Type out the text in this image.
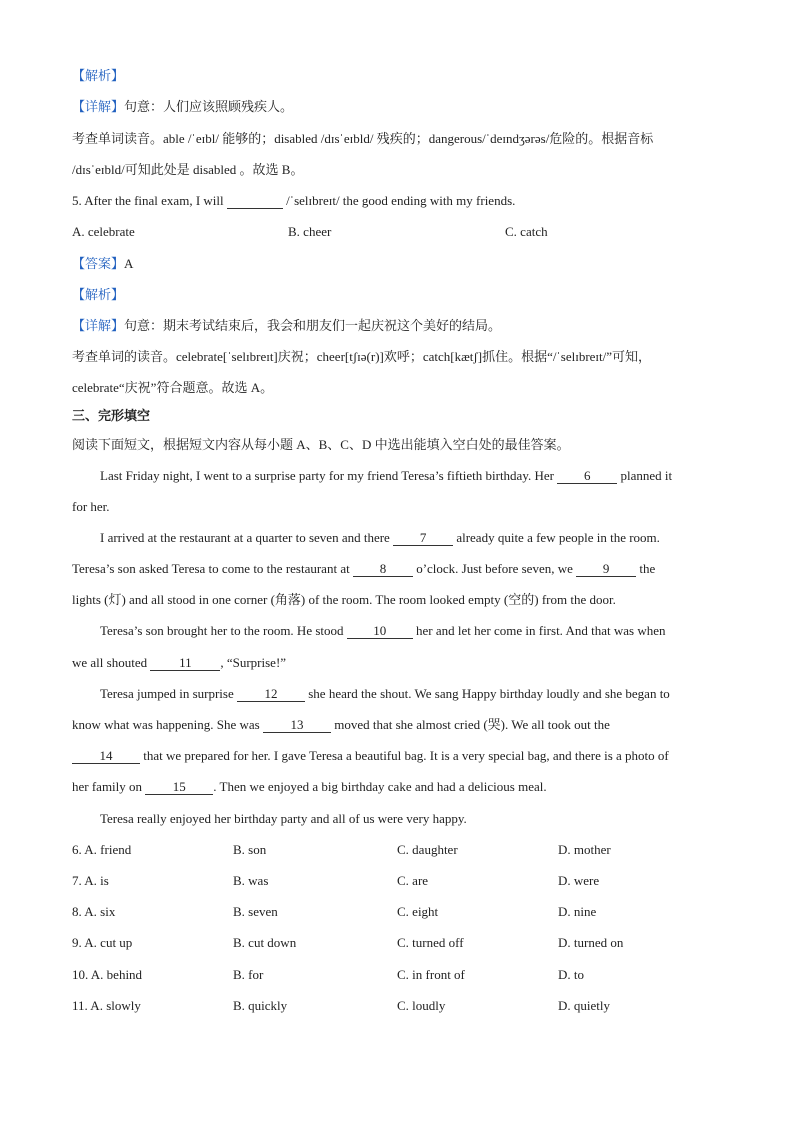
【解析】
【详解】句意：人们应该照顾残疾人。
考查单词读音。able /ˈeɪbl/ 能够的；disabled /dɪsˈeɪbld/ 残疾的；dangerous/ˈdeɪndʒərəs/危险的。根据音标
/dɪsˈeɪbld/可知此处是 disabled 。故选 B。
5. After the final exam, I will	/ˈselɪbreɪt/ the good ending with my friends.
A. celebrate	B. cheer	C. catch
【答案】A
【解析】
【详解】句意：期末考试结束后，我会和朋友们一起庆祝这个美好的结局。
考查单词的读音。celebrate[ˈselɪbreɪt]庆祝；cheer[tʃɪə(r)]欢呼；catch[kætʃ]抓住。根据“/ˈselɪbreɪt/”可知，
celebrate“庆祝”符合题意。故选 A。
三、完形填空
阅读下面短文，根据短文内容从每小题 A、B、C、D 中选出能填入空白处的最佳答案。
Last Friday night, I went to a surprise party for my friend Teresa’s fiftieth birthday. Her 6 planned it
for her.
I arrived at the restaurant at a quarter to seven and there 7 already quite a few people in the room.
Teresa’s son asked Teresa to come to the restaurant at 8 o’clock. Just before seven, we 9 the
lights (灯) and all stood in one corner (角落) of the room. The room looked empty (空的) from the door.
Teresa’s son brought her to the room. He stood 10 her and let her come in first. And that was when
we all shouted 11 , “Surprise!”
Teresa jumped in surprise 12 she heard the shout. We sang Happy birthday loudly and she began to
know what was happening. She was 13 moved that she almost cried (哭). We all took out the
14 that we prepared for her. I gave Teresa a beautiful bag. It is a very special bag, and there is a photo of
her family on 15 . Then we enjoyed a big birthday cake and had a delicious meal.
Teresa really enjoyed her birthday party and all of us were very happy.
6. A. friend	B. son	C. daughter	D. mother
7. A. is	B. was	C. are	D. were
8. A. six	B. seven	C. eight	D. nine
9. A. cut up	B. cut down	C. turned off	D. turned on
10. A. behind	B. for	C. in front of	D. to
11. A. slowly	B. quickly	C. loudly	D. quietly
